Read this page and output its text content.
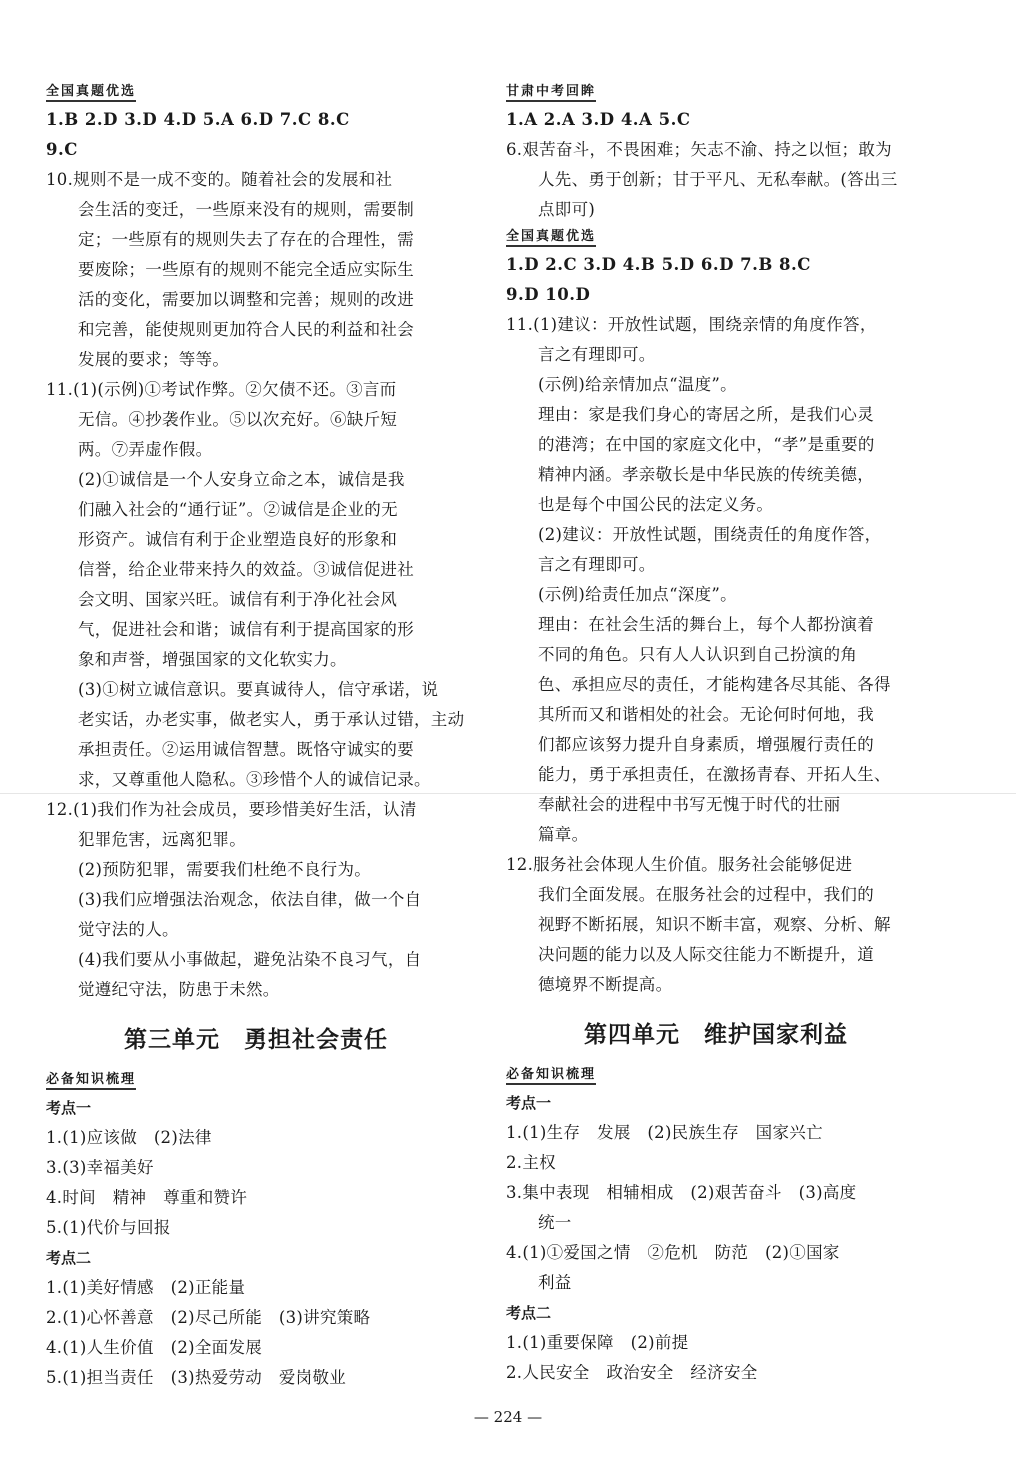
全国真题优选
1.B 2.D 3.D 4.D 5.A 6.D 7.C 8.C
9.C
10.规则不是一成不变的。随着社会的发展和社
会生活的变迁，一些原来没有的规则，需要制
定；一些原有的规则失去了存在的合理性，需
要废除；一些原有的规则不能完全适应实际生
活的变化，需要加以调整和完善；规则的改进
和完善，能使规则更加符合人民的利益和社会
发展的要求；等等。
11.(1)(示例)①考试作弊。②欠债不还。③言而
无信。④抄袭作业。⑤以次充好。⑥缺斤短
两。⑦弄虚作假。
(2)①诚信是一个人安身立命之本，诚信是我
们融入社会的“通行证”。②诚信是企业的无
形资产。诚信有利于企业塑造良好的形象和
信誉，给企业带来持久的效益。③诚信促进社
会文明、国家兴旺。诚信有利于净化社会风
气，促进社会和谐；诚信有利于提高国家的形
象和声誉，增强国家的文化软实力。
(3)①树立诚信意识。要真诚待人，信守承诺，说
老实话，办老实事，做老实人，勇于承认过错，主动
承担责任。②运用诚信智慧。既恪守诚实的要
求，又尊重他人隐私。③珍惜个人的诚信记录。
12.(1)我们作为社会成员，要珍惜美好生活，认清
犯罪危害，远离犯罪。
(2)预防犯罪，需要我们杜绝不良行为。
(3)我们应增强法治观念，依法自律，做一个自
觉守法的人。
(4)我们要从小事做起，避免沾染不良习气，自
觉遵纪守法，防患于未然。
第三单元　勇担社会责任
必备知识梳理
考点一
1.(1)应该做　(2)法律
3.(3)幸福美好
4.时间　精神　尊重和赞许
5.(1)代价与回报
考点二
1.(1)美好情感　(2)正能量
2.(1)心怀善意　(2)尽己所能　(3)讲究策略
4.(1)人生价值　(2)全面发展
5.(1)担当责任　(3)热爱劳动　爱岗敬业
甘肃中考回眸
1.A 2.A 3.D 4.A 5.C
6.艰苦奋斗，不畏困难；矢志不渝、持之以恒；敢为
人先、勇于创新；甘于平凡、无私奉献。(答出三
点即可)
全国真题优选
1.D 2.C 3.D 4.B 5.D 6.D 7.B 8.C
9.D 10.D
11.(1)建议：开放性试题，围绕亲情的角度作答，
言之有理即可。
(示例)给亲情加点“温度”。
理由：家是我们身心的寄居之所，是我们心灵
的港湾；在中国的家庭文化中，“孝”是重要的
精神内涵。孝亲敬长是中华民族的传统美德，
也是每个中国公民的法定义务。
(2)建议：开放性试题，围绕责任的角度作答，
言之有理即可。
(示例)给责任加点“深度”。
理由：在社会生活的舞台上，每个人都扮演着
不同的角色。只有人人认识到自己扮演的角
色、承担应尽的责任，才能构建各尽其能、各得
其所而又和谐相处的社会。无论何时何地，我
们都应该努力提升自身素质，增强履行责任的
能力，勇于承担责任，在激扬青春、开拓人生、
奉献社会的进程中书写无愧于时代的壮丽
篇章。
12.服务社会体现人生价值。服务社会能够促进
我们全面发展。在服务社会的过程中，我们的
视野不断拓展，知识不断丰富，观察、分析、解
决问题的能力以及人际交往能力不断提升，道
德境界不断提高。
第四单元　维护国家利益
必备知识梳理
考点一
1.(1)生存　发展　(2)民族生存　国家兴亡
2.主权
3.集中表现　相辅相成　(2)艰苦奋斗　(3)高度
统一
4.(1)①爱国之情　②危机　防范　(2)①国家
利益
考点二
1.(1)重要保障　(2)前提
2.人民安全　政治安全　经济安全
— 224 —
